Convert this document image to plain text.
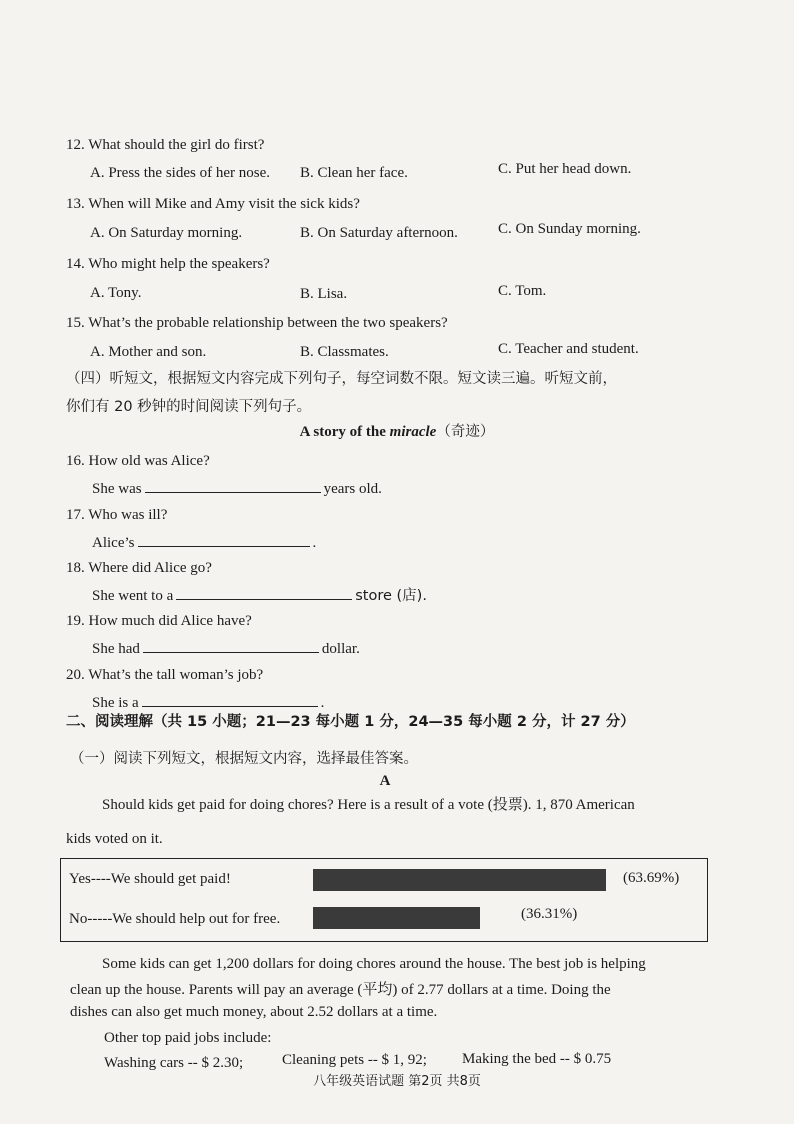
12. What should the girl do first?
A. Press the sides of her nose. B. Clean her face.	C. Put her head down.
13. When will Mike and Amy visit the sick kids?
A. On Saturday morning.	B. On Saturday afternoon.	C. On Sunday morning.
14. Who might help the speakers?
A. Tony.	B. Lisa.	C. Tom.
15. What’s the probable relationship between the two speakers?
A. Mother and son.	B. Classmates.	C. Teacher and student.
（四）听短文，根据短文内容完成下列句子，每空词数不限。短文读三遍。听短文前，
你们有 20 秒钟的时间阅读下列句子。
A story of the miracle（奇迹）
16. How old was Alice?
She was	years old.
17. Who was ill?
Alice’s	.
18. Where did Alice go?
She went to a	store (店).
19. How much did Alice have?
She had	dollar.
20. What’s the tall woman’s job?
She is a	.
二、阅读理解（共 15 小题；21—23 每小题 1 分，24—35 每小题 2 分，计 27 分）
（一）阅读下列短文，根据短文内容，选择最佳答案。
A
Should kids get paid for doing chores? Here is a result of a vote (投票). 1, 870 American
kids voted on it.
Yes----We should get paid!	(63.69%)
No-----We should help out for free.	(36.31%)
Some kids can get 1,200 dollars for doing chores around the house. The best job is helping
clean up the house. Parents will pay an average (平均) of 2.77 dollars at a time. Doing the
dishes can also get much money, about 2.52 dollars at a time.
Other top paid jobs include:
Washing cars -- $ 2.30;	Cleaning pets -- $ 1, 92; Making the bed -- $ 0.75
八年级英语试题 第2页 共8页
